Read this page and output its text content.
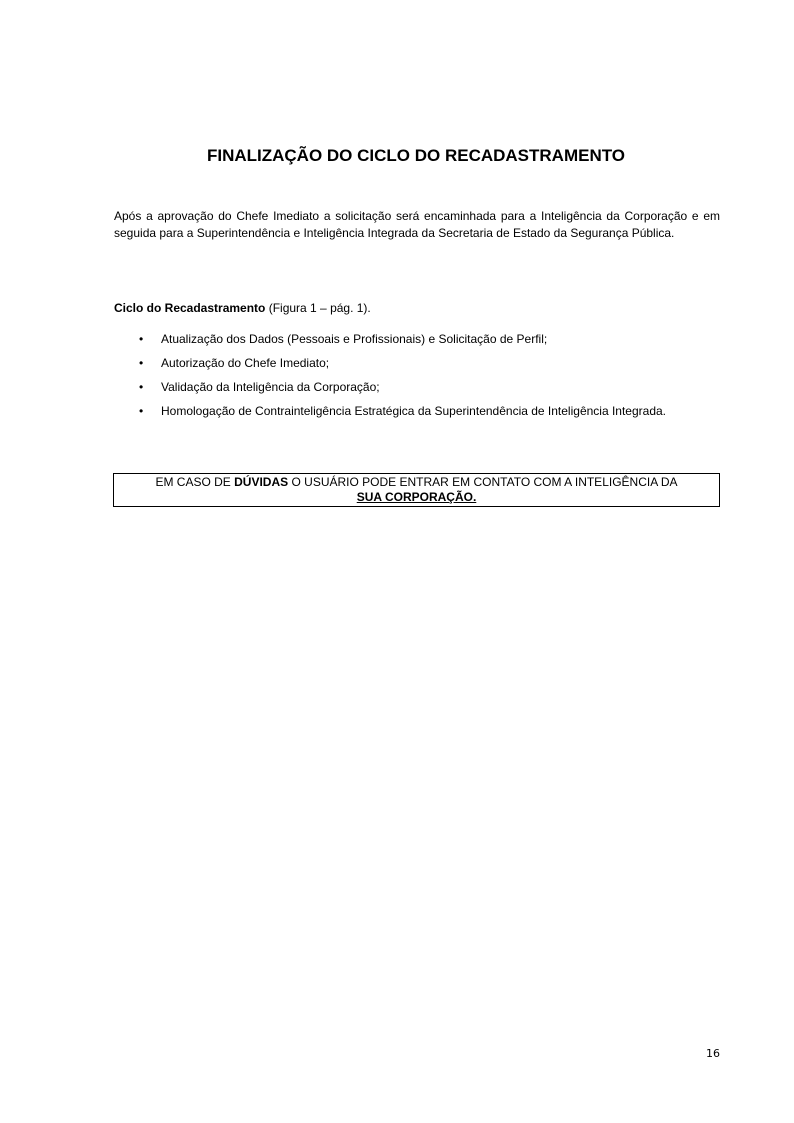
FINALIZAÇÃO DO CICLO DO RECADASTRAMENTO

Após a aprovação do Chefe Imediato a solicitação será encaminhada para a Inteligência da Corporação e em seguida para a Superintendência e Inteligência Integrada da Secretaria de Estado da Segurança Pública.

Ciclo do Recadastramento (Figura 1 – pág. 1).

• Atualização dos Dados (Pessoais e Profissionais) e Solicitação de Perfil;
• Autorização do Chefe Imediato;
• Validação da Inteligência da Corporação;
• Homologação de Contrainteligência Estratégica da Superintendência de Inteligência Integrada.
EM CASO DE DÚVIDAS O USUÁRIO PODE ENTRAR EM CONTATO COM A INTELIGÊNCIA DA
SUA CORPORAÇÃO.
16
